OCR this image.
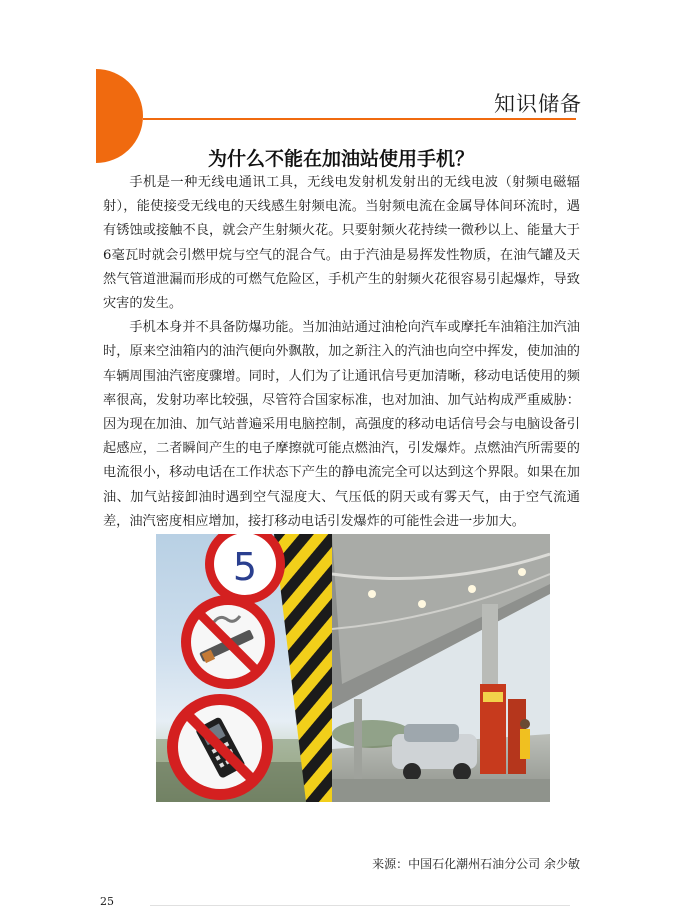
知识储备
为什么不能在加油站使用手机？

手机是一种无线电通讯工具，无线电发射机发射出的无线电波（射频电磁辐射），能使接受无线电的天线感生射频电流。当射频电流在金属导体间环流时，遇有锈蚀或接触不良，就会产生射频火花。只要射频火花持续一微秒以上、能量大于6毫瓦时就会引燃甲烷与空气的混合气。由于汽油是易挥发性物质，在油气罐及天然气管道泄漏而形成的可燃气危险区，手机产生的射频火花很容易引起爆炸，导致灾害的发生。

手机本身并不具备防爆功能。当加油站通过油枪向汽车或摩托车油箱注加汽油时，原来空油箱内的油汽便向外飘散，加之新注入的汽油也向空中挥发，使加油的车辆周围油汽密度骤增。同时，人们为了让通讯信号更加清晰，移动电话使用的频率很高，发射功率比较强，尽管符合国家标准，也对加油、加气站构成严重威胁：因为现在加油、加气站普遍采用电脑控制，高强度的移动电话信号会与电脑设备引起感应，二者瞬间产生的电子摩擦就可能点燃油汽，引发爆炸。点燃油汽所需要的电流很小，移动电话在工作状态下产生的静电流完全可以达到这个界限。如果在加油、加气站接卸油时遇到空气湿度大、气压低的阴天或有雾天气，由于空气流通差，油汽密度相应增加，接打移动电话引发爆炸的可能性会进一步加大。

5
来源：中国石化潮州石油分公司 余少敏
25
